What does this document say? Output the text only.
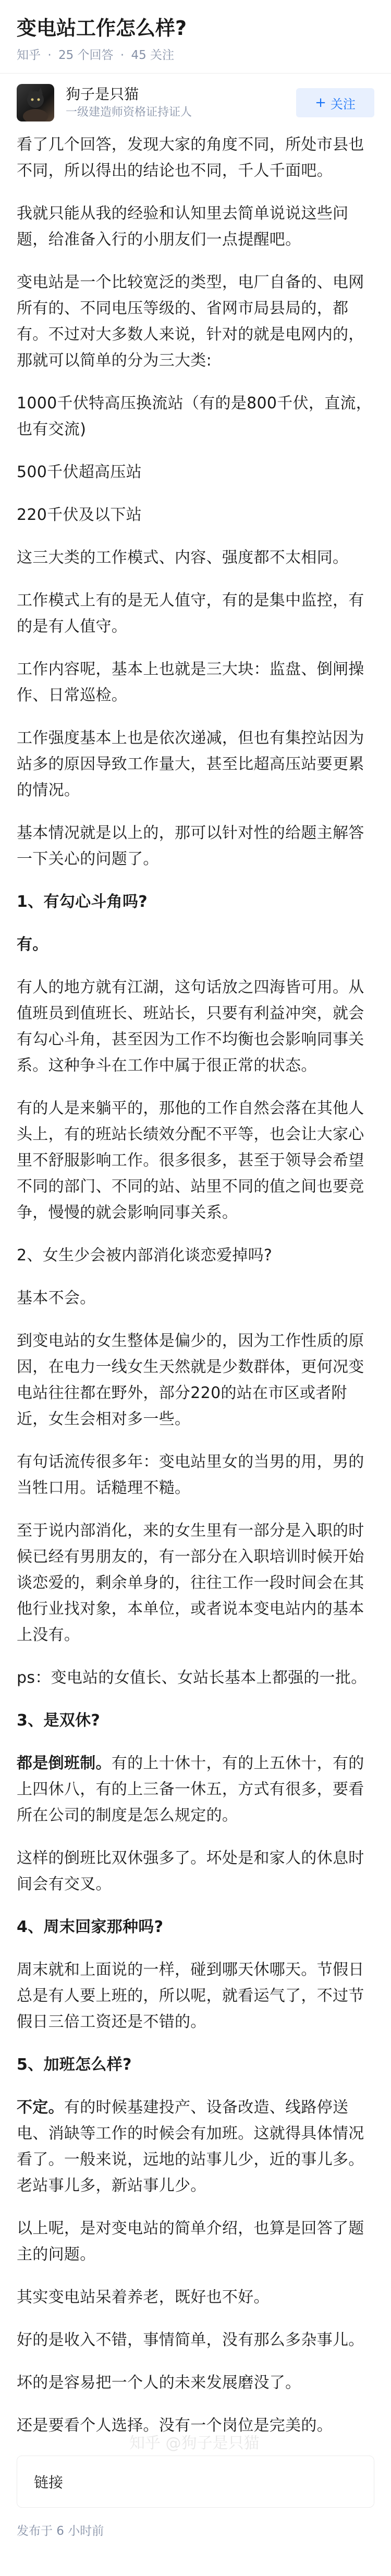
变电站工作怎么样?
知乎 · 25 个回答 · 45 关注
狗子是只猫
一级建造师资格证持证人
+ 关注

看了几个回答，发现大家的角度不同，所处市县也不同，所以得出的结论也不同，千人千面吧。

我就只能从我的经验和认知里去简单说说这些问题，给准备入行的小朋友们一点提醒吧。

变电站是一个比较宽泛的类型，电厂自备的、电网所有的、不同电压等级的、省网市局县局的，都有。不过对大多数人来说，针对的就是电网内的，那就可以简单的分为三大类:

1000千伏特高压换流站（有的是800千伏，直流，也有交流)

500千伏超高压站

220千伏及以下站

这三大类的工作模式、内容、强度都不太相同。

工作模式上有的是无人值守，有的是集中监控，有的是有人值守。

工作内容呢，基本上也就是三大块：监盘、倒闸操作、日常巡检。

工作强度基本上也是依次递减，但也有集控站因为站多的原因导致工作量大，甚至比超高压站要更累的情况。

基本情况就是以上的，那可以针对性的给题主解答一下关心的问题了。

1、有勾心斗角吗?

有。

有人的地方就有江湖，这句话放之四海皆可用。从值班员到值班长、班站长，只要有利益冲突，就会有勾心斗角，甚至因为工作不均衡也会影响同事关系。这种争斗在工作中属于很正常的状态。

有的人是来躺平的，那他的工作自然会落在其他人头上，有的班站长绩效分配不平等，也会让大家心里不舒服影响工作。很多很多，甚至于领导会希望不同的部门、不同的站、站里不同的值之间也要竞争，慢慢的就会影响同事关系。

2、女生少会被内部消化谈恋爱掉吗?

基本不会。

到变电站的女生整体是偏少的，因为工作性质的原因，在电力一线女生天然就是少数群体，更何况变电站往往都在野外，部分220的站在市区或者附近，女生会相对多一些。

有句话流传很多年：变电站里女的当男的用，男的当牲口用。话糙理不糙。

至于说内部消化，来的女生里有一部分是入职的时候已经有男朋友的，有一部分在入职培训时候开始谈恋爱的，剩余单身的，往往工作一段时间会在其他行业找对象，本单位，或者说本变电站内的基本上没有。

ps：变电站的女值长、女站长基本上都强的一批。

3、是双休?

都是倒班制。有的上十休十，有的上五休十，有的上四休八，有的上三备一休五，方式有很多，要看所在公司的制度是怎么规定的。

这样的倒班比双休强多了。坏处是和家人的休息时间会有交叉。

4、周末回家那种吗?

周末就和上面说的一样，碰到哪天休哪天。节假日总是有人要上班的，所以呢，就看运气了，不过节假日三倍工资还是不错的。

5、加班怎么样?

不定。有的时候基建投产、设备改造、线路停送电、消缺等工作的时候会有加班。这就得具体情况看了。一般来说，远地的站事儿少，近的事儿多。老站事儿多，新站事儿少。

以上呢，是对变电站的简单介绍，也算是回答了题主的问题。

其实变电站呆着养老，既好也不好。

好的是收入不错，事情简单，没有那么多杂事儿。

坏的是容易把一个人的未来发展磨没了。

还是要看个人选择。没有一个岗位是完美的。

链接
发布于 6 小时前
知乎 @狗子是只猫
